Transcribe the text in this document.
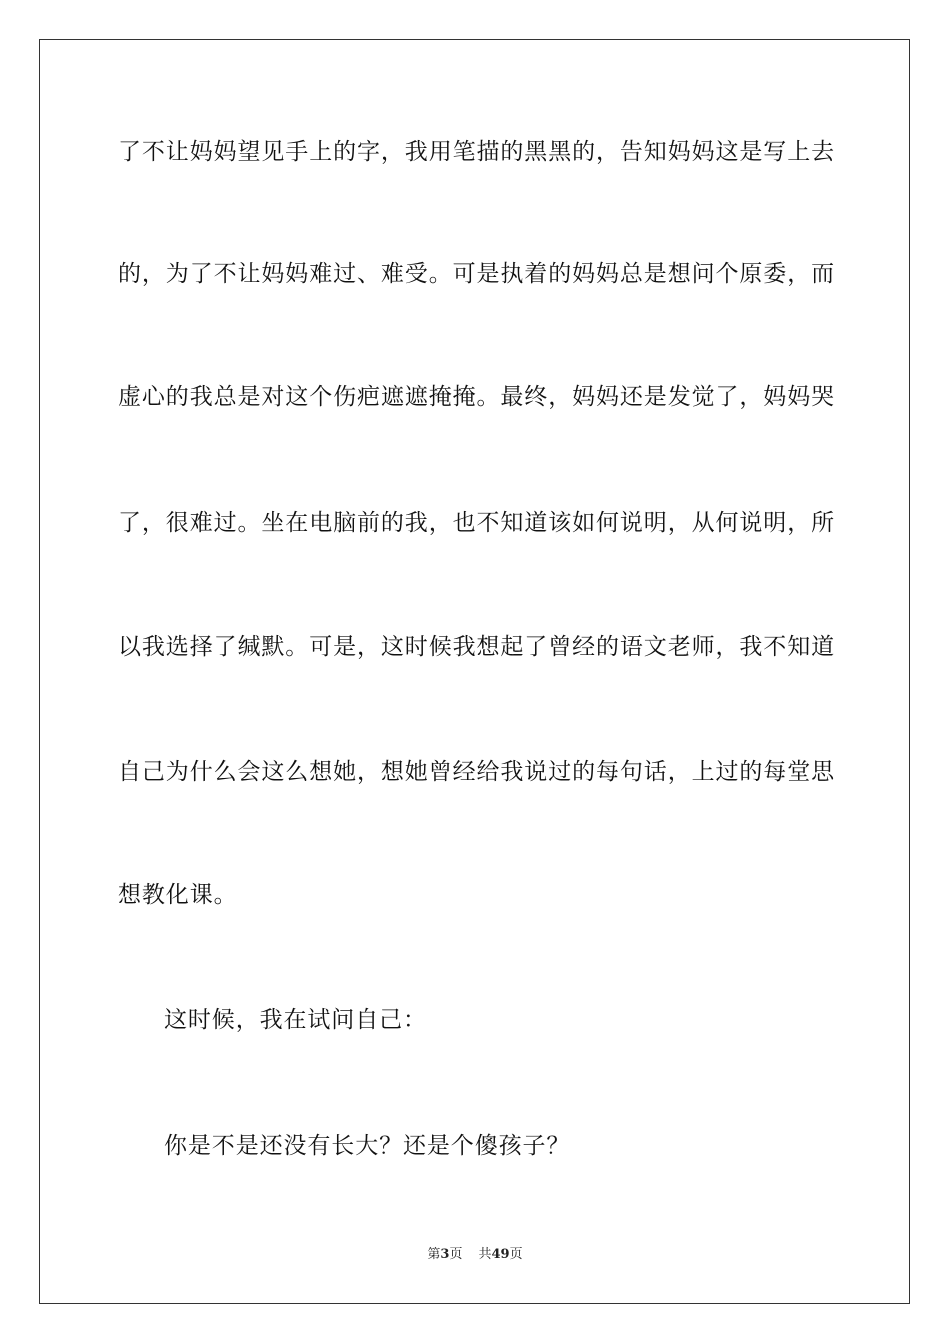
了不让妈妈望见手上的字，我用笔描的黑黑的，告知妈妈这是写上去
的，为了不让妈妈难过、难受。可是执着的妈妈总是想问个原委，而
虚心的我总是对这个伤疤遮遮掩掩。最终，妈妈还是发觉了，妈妈哭
了，很难过。坐在电脑前的我，也不知道该如何说明，从何说明，所
以我选择了缄默。可是，这时候我想起了曾经的语文老师，我不知道
自己为什么会这么想她，想她曾经给我说过的每句话，上过的每堂思
想教化课。
这时候，我在试问自己：
你是不是还没有长大？还是个傻孩子？
第3页 共49页
